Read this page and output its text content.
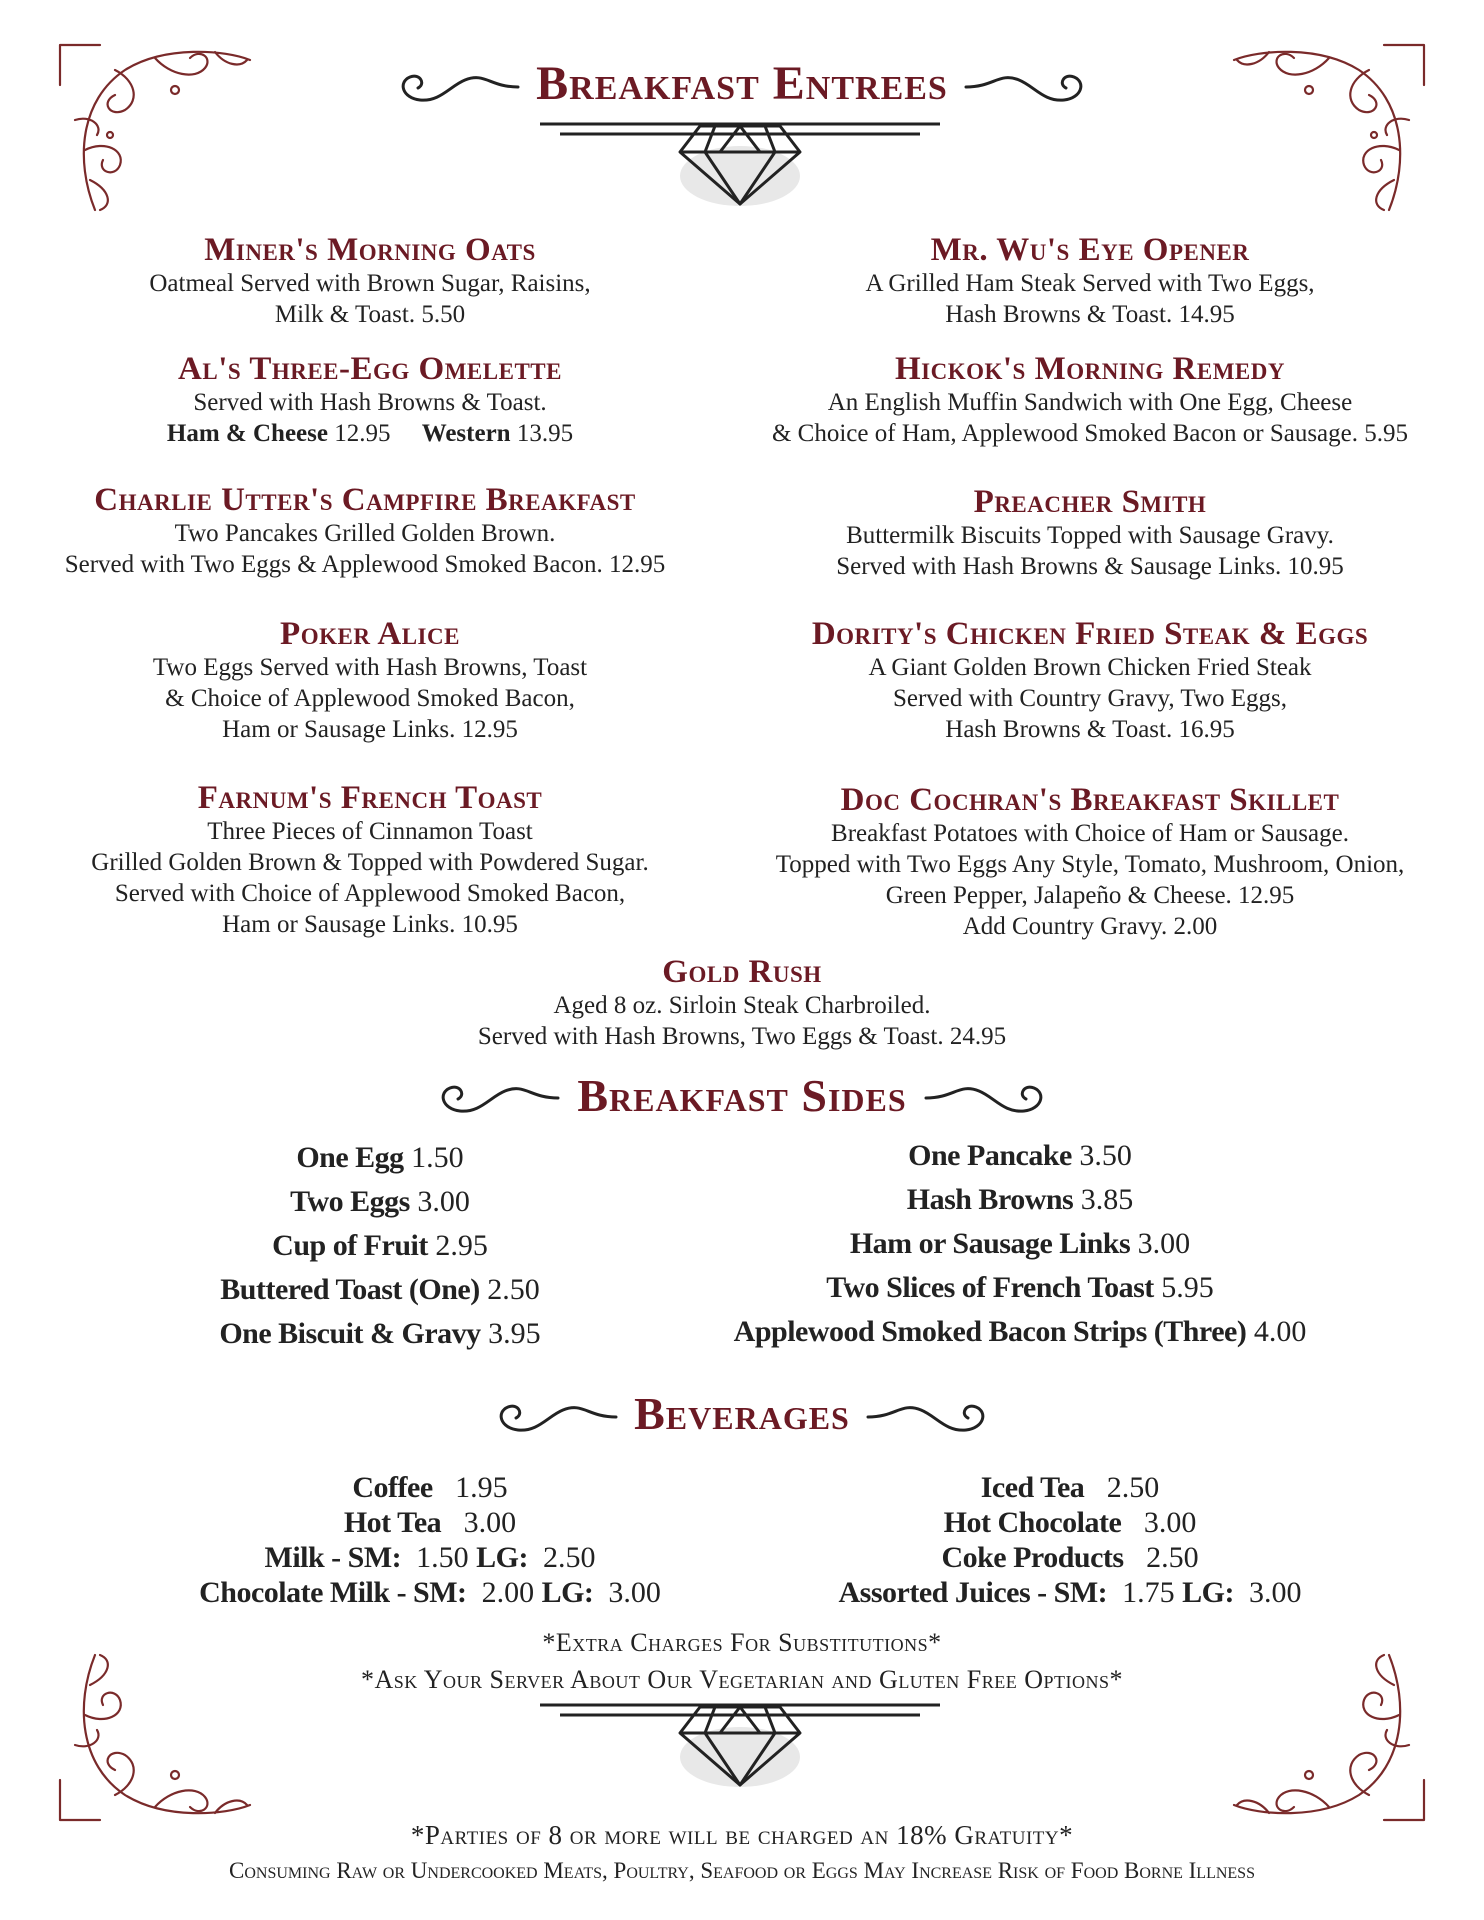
Breakfast Entrees
Miner's Morning Oats
Oatmeal Served with Brown Sugar, Raisins,
Milk & Toast. 5.50
Al's Three-Egg Omelette
Served with Hash Browns & Toast.
Ham & Cheese 12.95 Western 13.95
Charlie Utter's Campfire Breakfast
Two Pancakes Grilled Golden Brown.
Served with Two Eggs & Applewood Smoked Bacon. 12.95
Poker Alice
Two Eggs Served with Hash Browns, Toast
& Choice of Applewood Smoked Bacon,
Ham or Sausage Links. 12.95
Farnum's French Toast
Three Pieces of Cinnamon Toast
Grilled Golden Brown & Topped with Powdered Sugar.
Served with Choice of Applewood Smoked Bacon,
Ham or Sausage Links. 10.95
Mr. Wu's Eye Opener
A Grilled Ham Steak Served with Two Eggs,
Hash Browns & Toast. 14.95
Hickok's Morning Remedy
An English Muffin Sandwich with One Egg, Cheese
& Choice of Ham, Applewood Smoked Bacon or Sausage. 5.95
Preacher Smith
Buttermilk Biscuits Topped with Sausage Gravy.
Served with Hash Browns & Sausage Links. 10.95
Dority's Chicken Fried Steak & Eggs
A Giant Golden Brown Chicken Fried Steak
Served with Country Gravy, Two Eggs,
Hash Browns & Toast. 16.95
Doc Cochran's Breakfast Skillet
Breakfast Potatoes with Choice of Ham or Sausage.
Topped with Two Eggs Any Style, Tomato, Mushroom, Onion,
Green Pepper, Jalapeño & Cheese. 12.95
Add Country Gravy. 2.00
Gold Rush
Aged 8 oz. Sirloin Steak Charbroiled.
Served with Hash Browns, Two Eggs & Toast. 24.95
Breakfast Sides
One Egg 1.50
Two Eggs 3.00
Cup of Fruit 2.95
Buttered Toast (One) 2.50
One Biscuit & Gravy 3.95
One Pancake 3.50
Hash Browns 3.85
Ham or Sausage Links 3.00
Two Slices of French Toast 5.95
Applewood Smoked Bacon Strips (Three) 4.00
Beverages
Coffee 1.95
Hot Tea 3.00
Milk - SM: 1.50 LG: 2.50
Chocolate Milk - SM: 2.00 LG: 3.00
Iced Tea 2.50
Hot Chocolate 3.00
Coke Products 2.50
Assorted Juices - SM: 1.75 LG: 3.00
*Extra Charges For Substitutions*
*Ask Your Server About Our Vegetarian and Gluten Free Options*
*Parties of 8 or more will be charged an 18% Gratuity*
Consuming Raw or Undercooked Meats, Poultry, Seafood or Eggs May Increase Risk of Food Borne Illness
